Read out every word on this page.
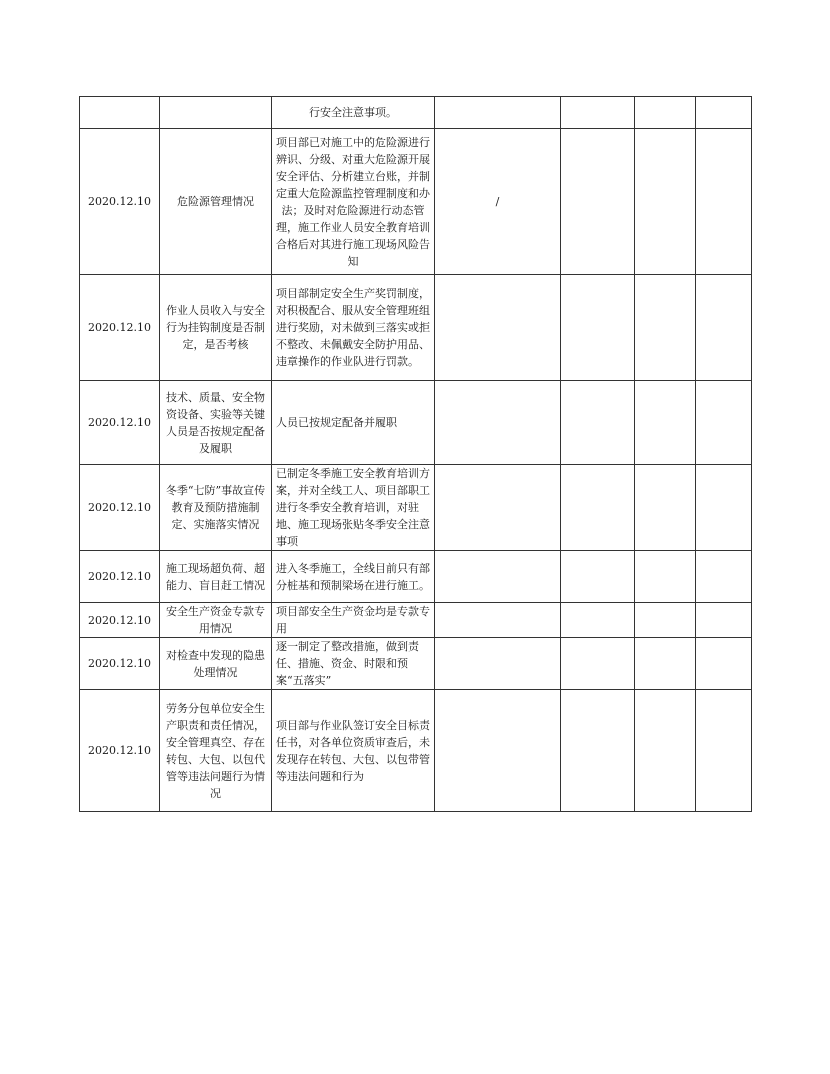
		行安全注意事项。				
2020.12.10	危险源管理情况	项目部已对施工中的危险源进行辨识、分级、对重大危险源开展安全评估、分析建立台账，并制定重大危险源监控管理制度和办法；及时对危险源进行动态管理，施工作业人员安全教育培训合格后对其进行施工现场风险告知	/			
2020.12.10	作业人员收入与安全行为挂钩制度是否制定，是否考核	项目部制定安全生产奖罚制度，对积极配合、服从安全管理班组进行奖励，对未做到三落实或拒不整改、未佩戴安全防护用品、违章操作的作业队进行罚款。				
2020.12.10	技术、质量、安全物资设备、实验等关键人员是否按规定配备及履职	人员已按规定配备并履职				
2020.12.10	冬季“七防”事故宣传教育及预防措施制定、实施落实情况	已制定冬季施工安全教育培训方案，并对全线工人、项目部职工进行冬季安全教育培训，对驻地、施工现场张贴冬季安全注意事项				
2020.12.10	施工现场超负荷、超能力、盲目赶工情况	进入冬季施工，全线目前只有部分桩基和预制梁场在进行施工。				
2020.12.10	安全生产资金专款专用情况	项目部安全生产资金均是专款专用				
2020.12.10	对检查中发现的隐患处理情况	逐一制定了整改措施，做到责任、措施、资金、时限和预案“五落实”				
2020.12.10	劳务分包单位安全生产职责和责任情况，安全管理真空、存在转包、大包、以包代管等违法问题行为情况	项目部与作业队签订安全目标责任书，对各单位资质审查后，未发现存在转包、大包、以包带管等违法问题和行为				
